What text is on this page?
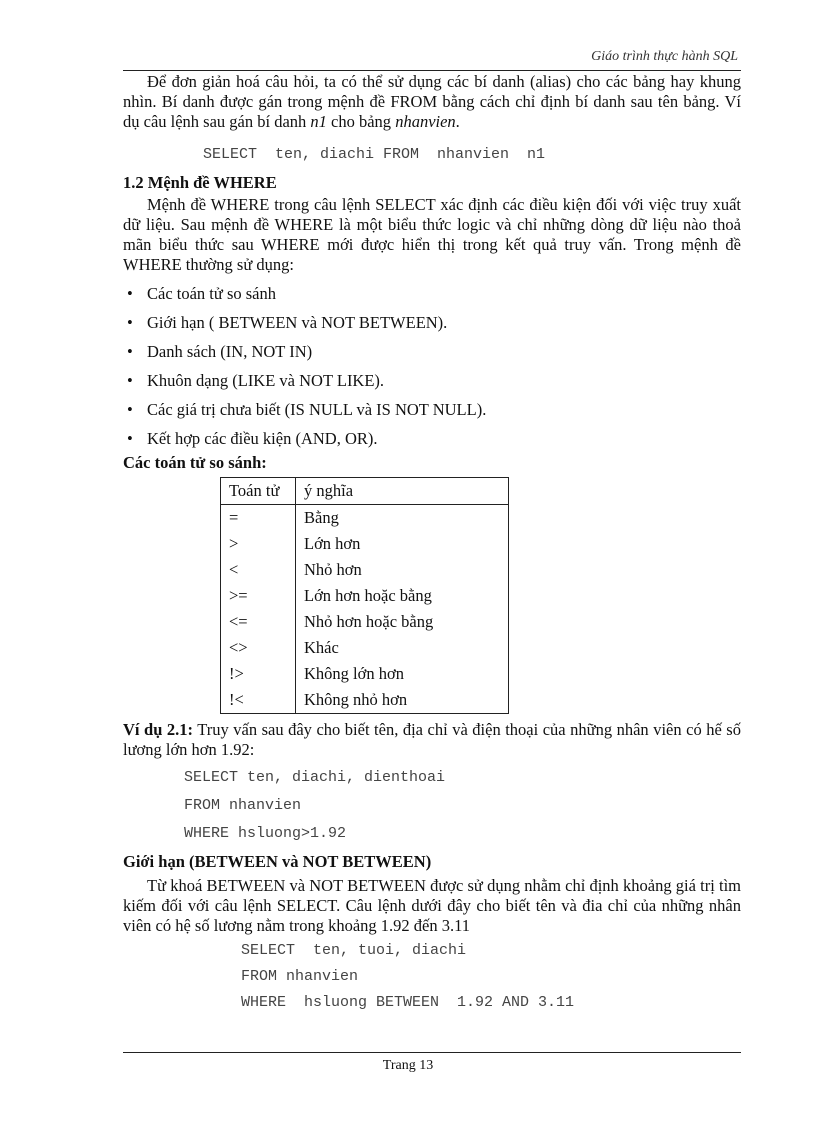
Giáo trình thực hành SQL

Để đơn giản hoá câu hỏi, ta có thể sử dụng các bí danh (alias) cho các bảng hay khung nhìn. Bí danh được gán trong mệnh đề FROM bằng cách chỉ định bí danh sau tên bảng. Ví dụ câu lệnh sau gán bí danh n1 cho bảng nhanvien.

SELECT  ten, diachi FROM  nhanvien  n1
1.2 Mệnh đề WHERE

Mệnh đề WHERE trong câu lệnh SELECT xác định các điều kiện đối với việc truy xuất dữ liệu. Sau mệnh đề WHERE là một biểu thức logic và chỉ những dòng dữ liệu nào thoả mãn biểu thức sau WHERE mới được hiển thị trong kết quả truy vấn. Trong mệnh đề WHERE thường sử dụng:

• Các toán tử so sánh
• Giới hạn ( BETWEEN và NOT BETWEEN).
• Danh sách (IN, NOT IN)
• Khuôn dạng (LIKE và NOT LIKE).
• Các giá trị chưa biết (IS NULL và IS NOT NULL).
• Kết hợp các điều kiện (AND, OR).
Các toán tử so sánh:
Toán tử	ý nghĩa
=	Bằng
>	Lớn hơn
<	Nhỏ hơn
>=	Lớn hơn hoặc bằng
<=	Nhỏ hơn hoặc bằng
<>	Khác
!>	Không lớn hơn
!<	Không nhỏ hơn

Ví dụ 2.1: Truy vấn sau đây cho biết tên, địa chỉ và điện thoại của những nhân viên có hế số lương lớn hơn 1.92:

SELECT ten, diachi, dienthoai
FROM nhanvien
WHERE hsluong>1.92
Giới hạn (BETWEEN và NOT BETWEEN)

Từ khoá BETWEEN và NOT BETWEEN được sử dụng nhằm chỉ định khoảng giá trị tìm kiếm đối với câu lệnh SELECT. Câu lệnh dưới đây cho biết tên và đia chỉ của những nhân viên có hệ số lương nằm trong khoảng 1.92 đến 3.11

SELECT  ten, tuoi, diachi
FROM nhanvien
WHERE  hsluong BETWEEN  1.92 AND 3.11
Trang 13
